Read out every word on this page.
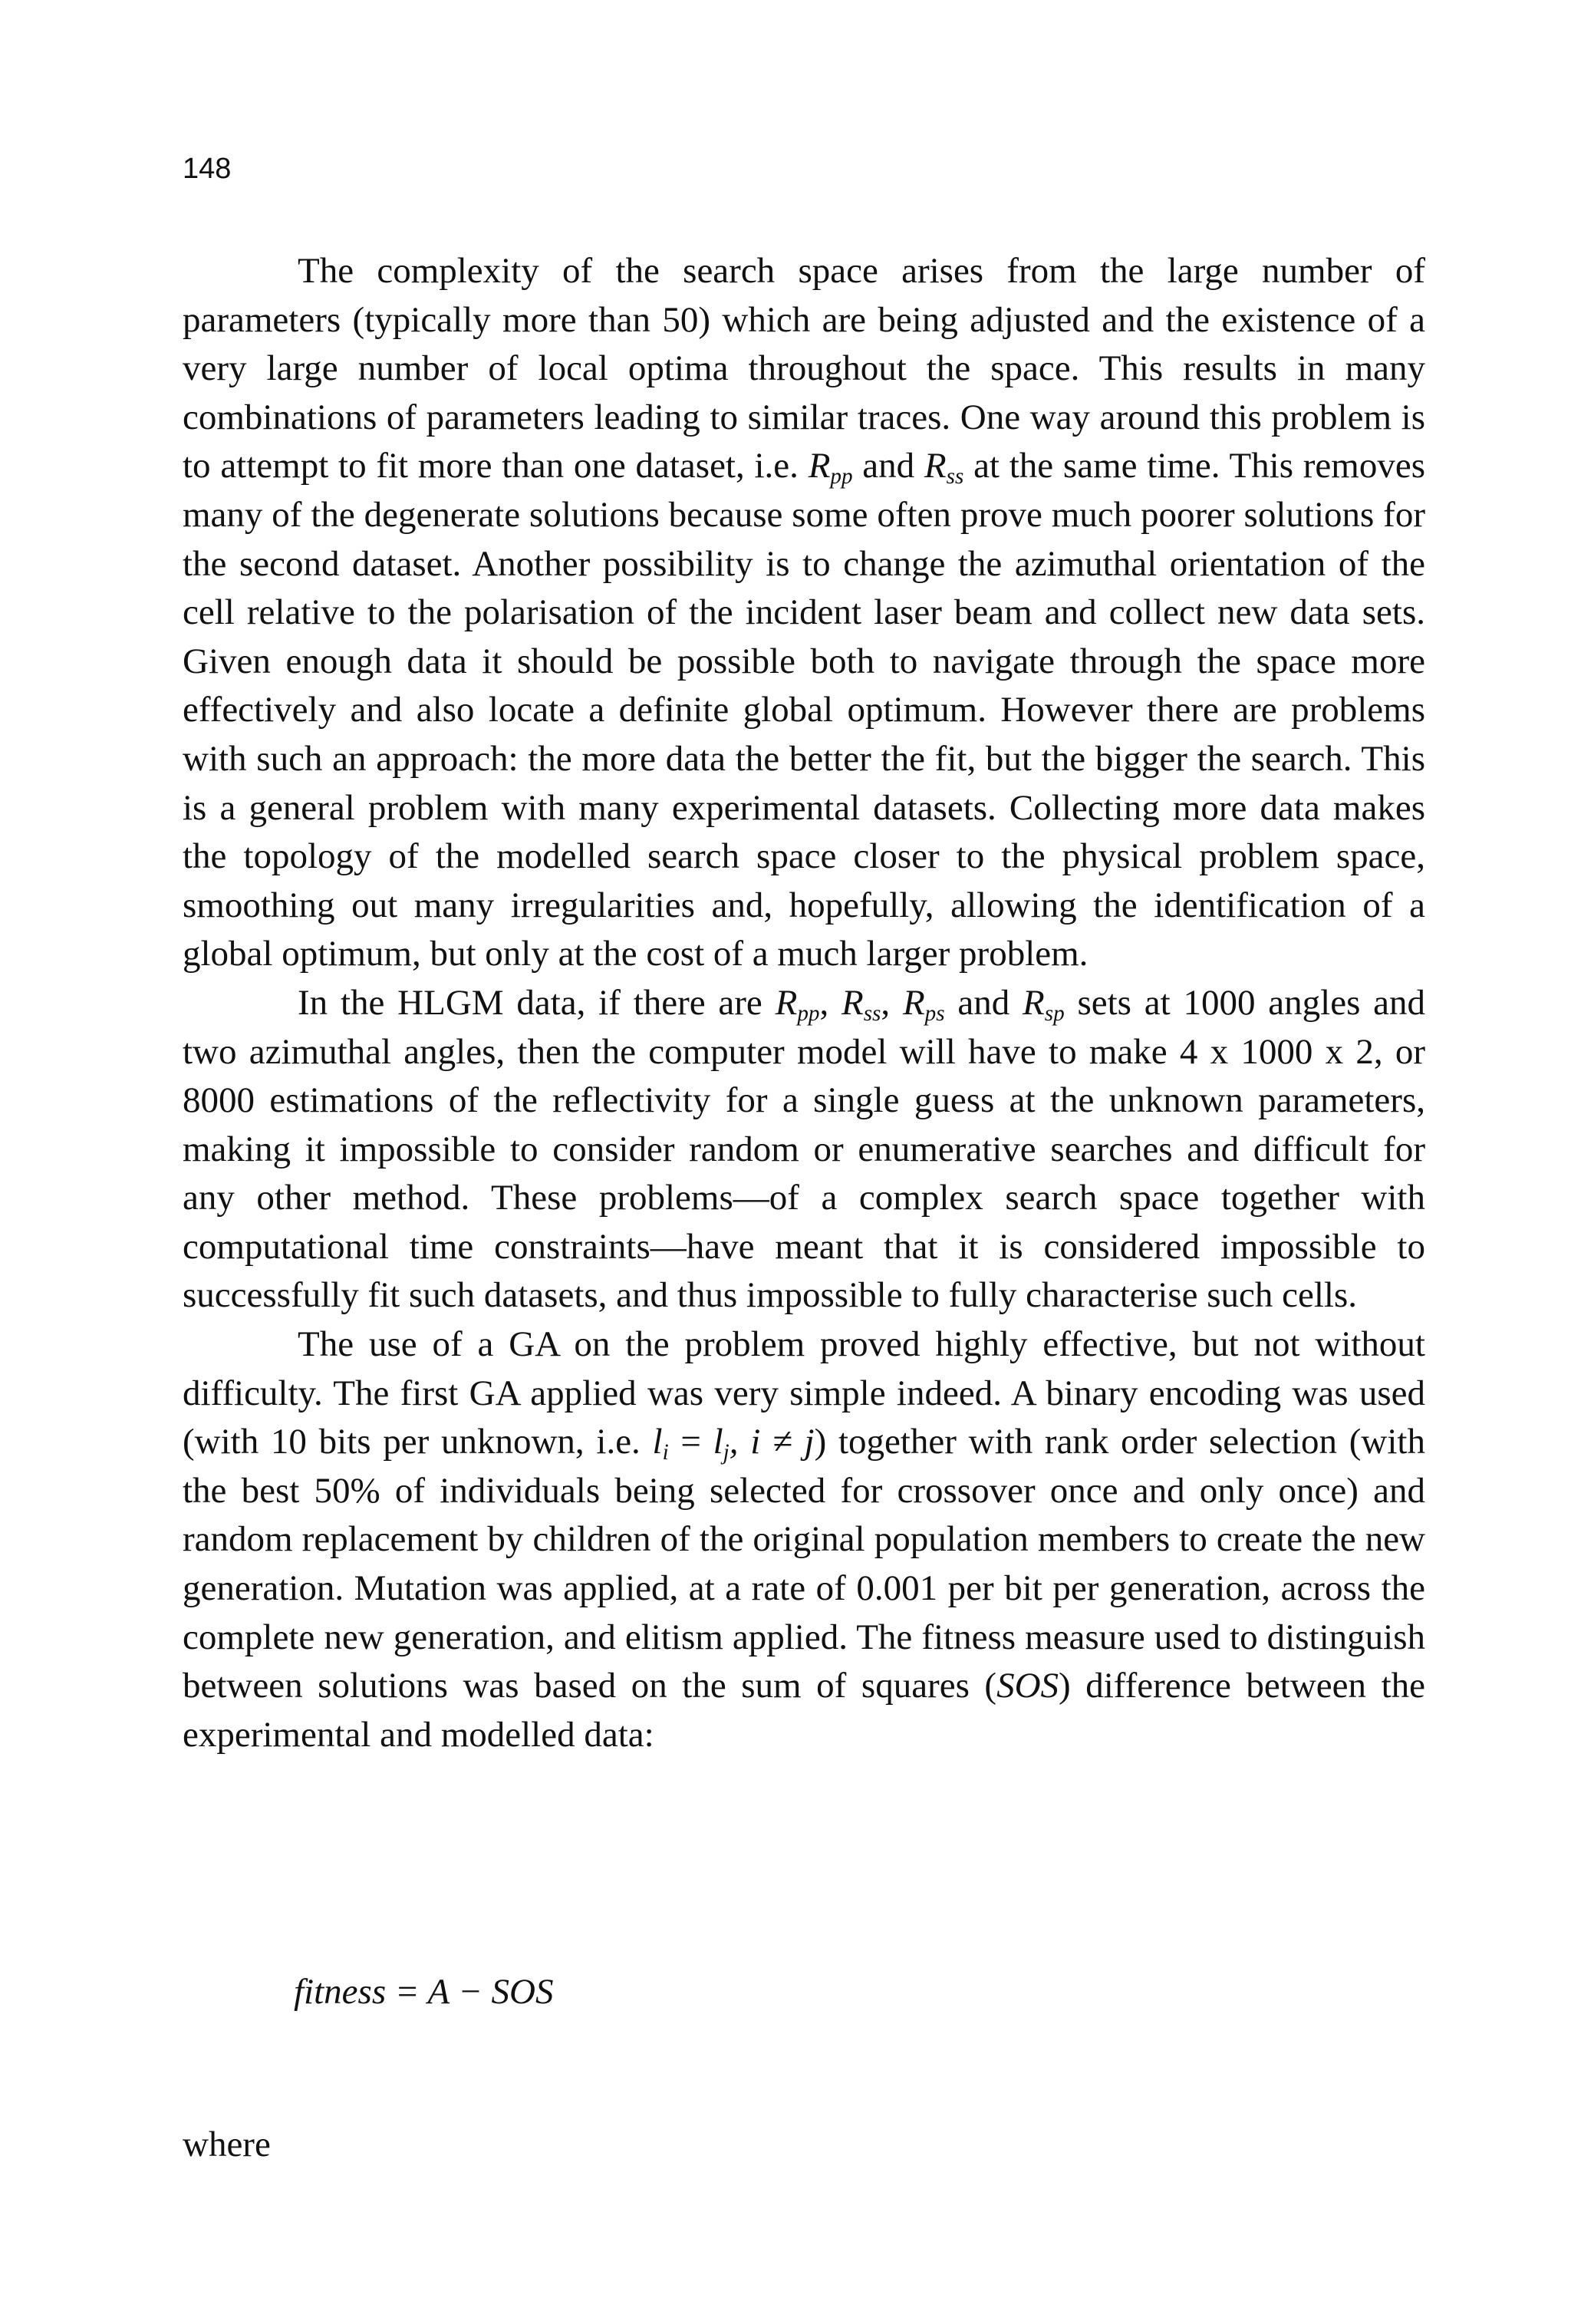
148

The complexity of the search space arises from the large number of parameters (typically more than 50) which are being adjusted and the existence of a very large number of local optima throughout the space. This results in many combinations of parameters leading to similar traces. One way around this problem is to attempt to fit more than one dataset, i.e. $R_{pp}$ and $R_{ss}$ at the same time. This removes many of the degenerate solutions because some often prove much poorer solutions for the second dataset. Another possibility is to change the azimuthal orientation of the cell relative to the polarisation of the incident laser beam and collect new data sets. Given enough data it should be possible both to navigate through the space more effectively and also locate a definite global optimum. However there are problems with such an approach: the more data the better the fit, but the bigger the search. This is a general problem with many experimental datasets. Collecting more data makes the topology of the modelled search space closer to the physical problem space, smoothing out many irregularities and, hopefully, allowing the identification of a global optimum, but only at the cost of a much larger problem.

In the HLGM data, if there are $R_{pp}$, $R_{ss}$, $R_{ps}$ and $R_{sp}$ sets at 1000 angles and two azimuthal angles, then the computer model will have to make 4 x 1000 x 2, or 8000 estimations of the reflectivity for a single guess at the unknown parameters, making it impossible to consider random or enumerative searches and difficult for any other method. These problems—of a complex search space together with computational time constraints—have meant that it is considered impossible to successfully fit such datasets, and thus impossible to fully characterise such cells.

The use of a GA on the problem proved highly effective, but not without difficulty. The first GA applied was very simple indeed. A binary encoding was used (with 10 bits per unknown, i.e. $l_i = l_j$, i ≠ j) together with rank order selection (with the best 50% of individuals being selected for crossover once and only once) and random replacement by children of the original population members to create the new generation. Mutation was applied, at a rate of 0.001 per bit per generation, across the complete new generation, and elitism applied. The fitness measure used to distinguish between solutions was based on the sum of squares (SOS) difference between the experimental and modelled data:

fitness = A − SOS
where
